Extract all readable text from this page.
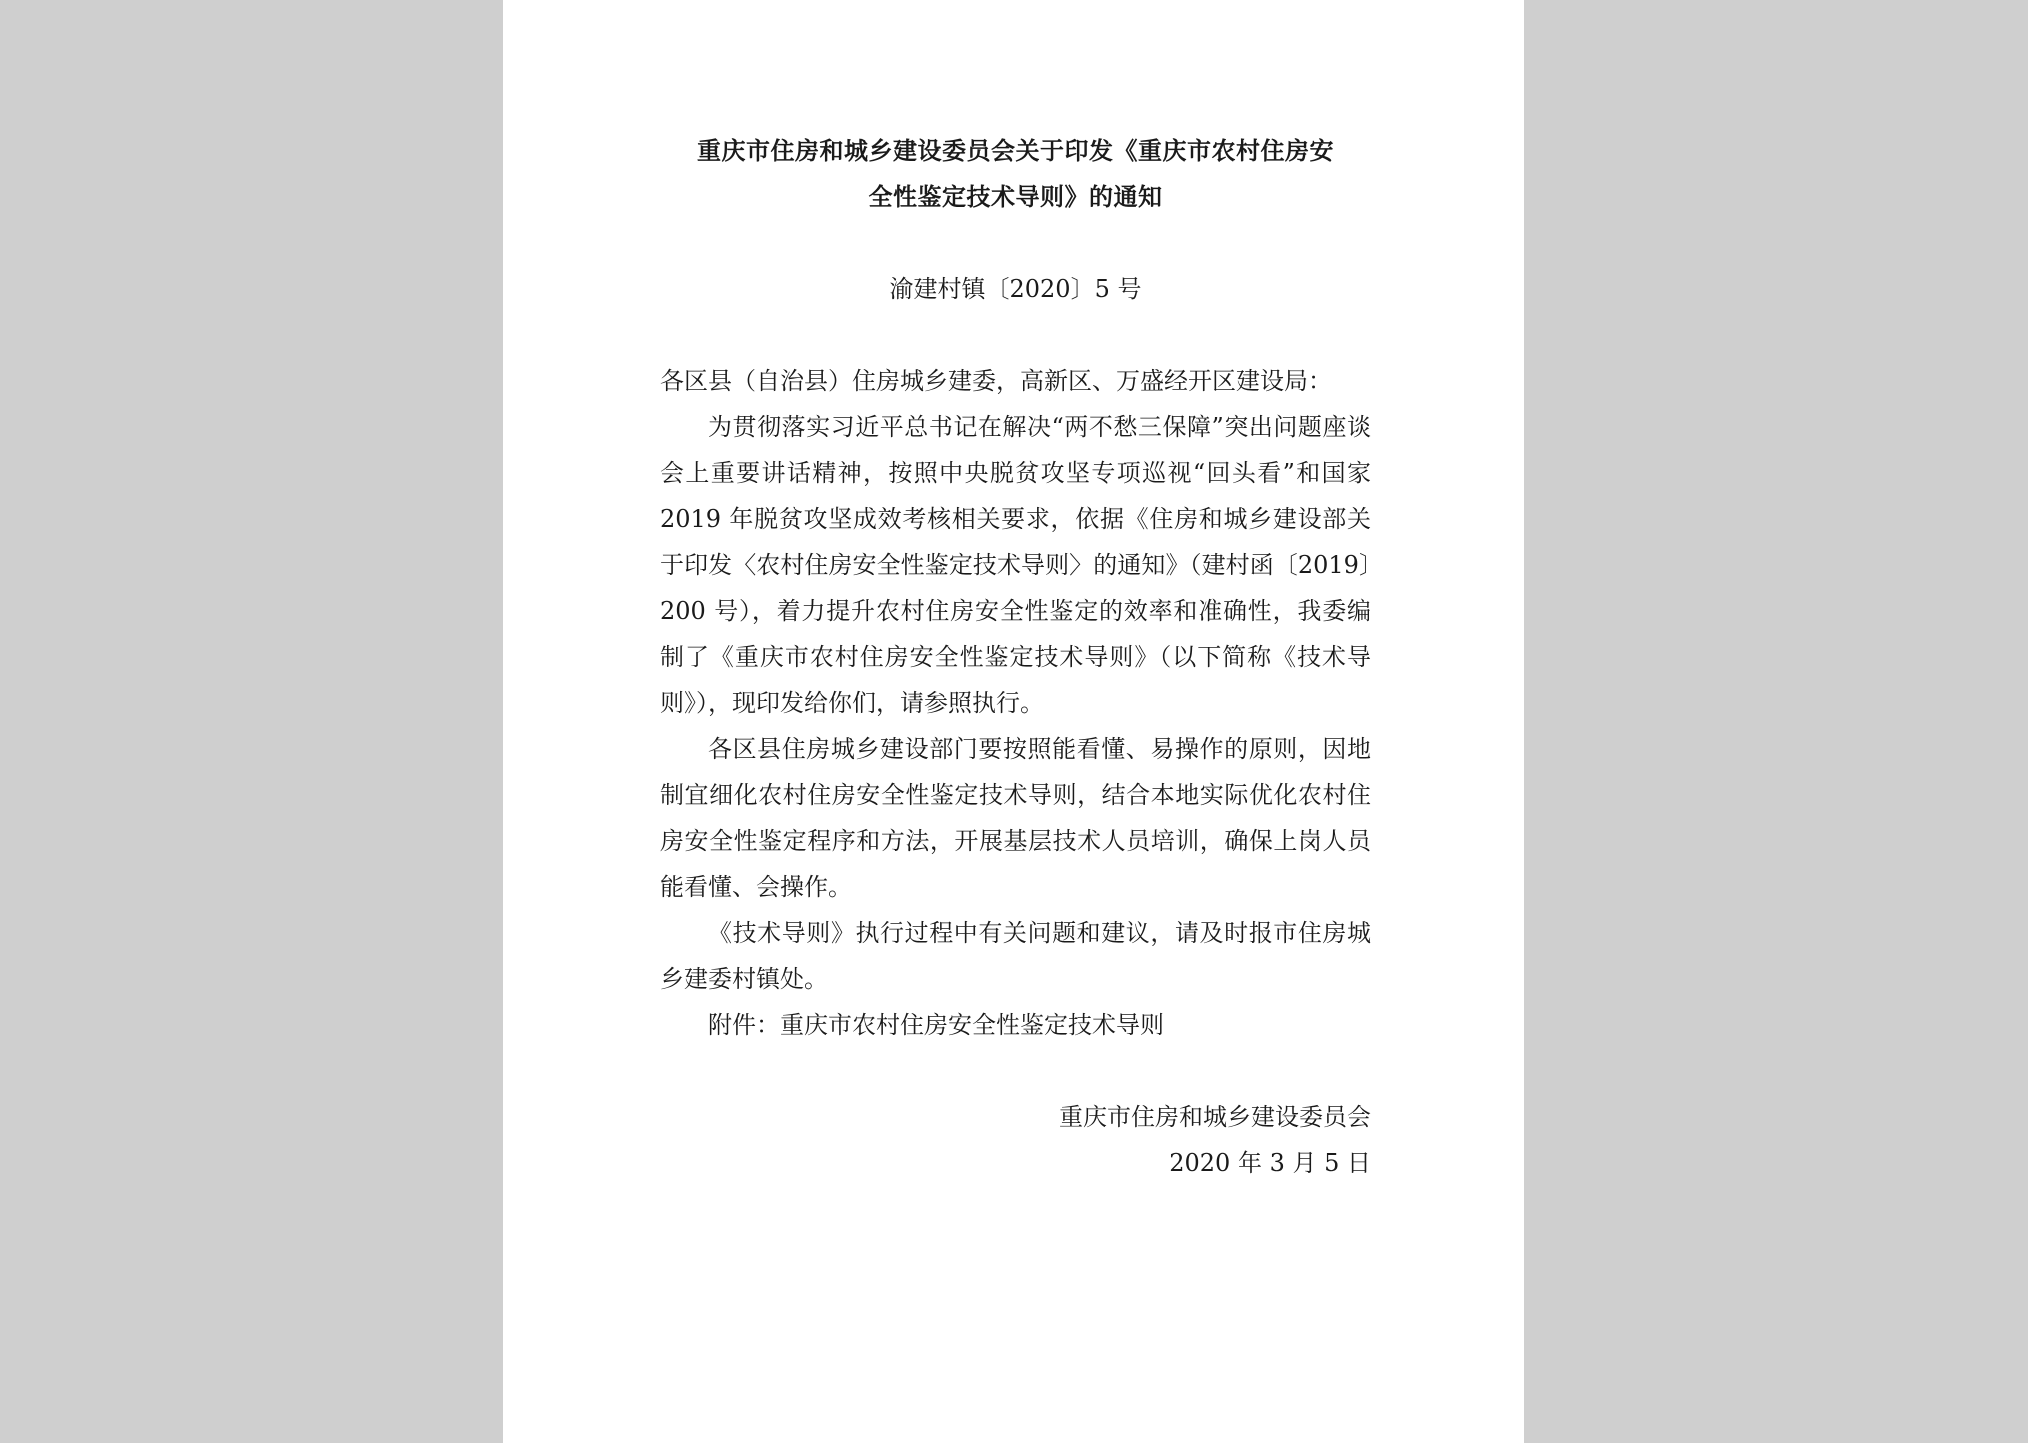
重庆市住房和城乡建设委员会关于印发《重庆市农村住房安
全性鉴定技术导则》的通知

渝建村镇〔2020〕5 号

各区县（自治县）住房城乡建委，高新区、万盛经开区建设局：

为贯彻落实习近平总书记在解决“两不愁三保障”突出问题座谈会上重要讲话精神，按照中央脱贫攻坚专项巡视“回头看”和国家 2019 年脱贫攻坚成效考核相关要求，依据《住房和城乡建设部关于印发〈农村住房安全性鉴定技术导则〉的通知》（建村函〔2019〕200 号），着力提升农村住房安全性鉴定的效率和准确性，我委编制了《重庆市农村住房安全性鉴定技术导则》（以下简称《技术导则》），现印发给你们，请参照执行。

各区县住房城乡建设部门要按照能看懂、易操作的原则，因地制宜细化农村住房安全性鉴定技术导则，结合本地实际优化农村住房安全性鉴定程序和方法，开展基层技术人员培训，确保上岗人员能看懂、会操作。

《技术导则》执行过程中有关问题和建议，请及时报市住房城乡建委村镇处。

附件：重庆市农村住房安全性鉴定技术导则

重庆市住房和城乡建设委员会

2020 年 3 月 5 日
